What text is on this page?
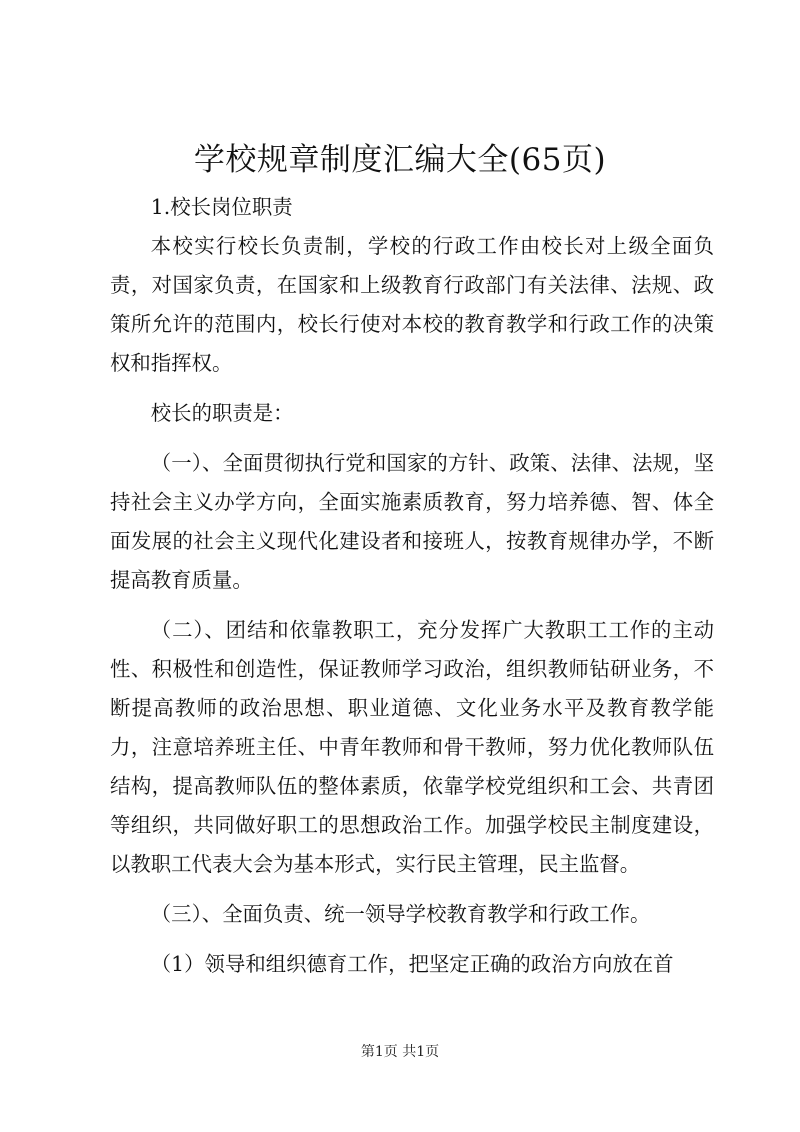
学校规章制度汇编大全(65页)

1.校长岗位职责

本校实行校长负责制，学校的行政工作由校长对上级全面负责，对国家负责，在国家和上级教育行政部门有关法律、法规、政策所允许的范围内，校长行使对本校的教育教学和行政工作的决策权和指挥权。

校长的职责是：

（一）、全面贯彻执行党和国家的方针、政策、法律、法规，坚持社会主义办学方向，全面实施素质教育，努力培养德、智、体全面发展的社会主义现代化建设者和接班人，按教育规律办学，不断提高教育质量。

（二）、团结和依靠教职工，充分发挥广大教职工工作的主动性、积极性和创造性，保证教师学习政治，组织教师钻研业务，不断提高教师的政治思想、职业道德、文化业务水平及教育教学能力，注意培养班主任、中青年教师和骨干教师，努力优化教师队伍结构，提高教师队伍的整体素质，依靠学校党组织和工会、共青团等组织，共同做好职工的思想政治工作。加强学校民主制度建设，以教职工代表大会为基本形式，实行民主管理，民主监督。

（三）、全面负责、统一领导学校教育教学和行政工作。

（1）领导和组织德育工作，把坚定正确的政治方向放在首

第1页 共1页
